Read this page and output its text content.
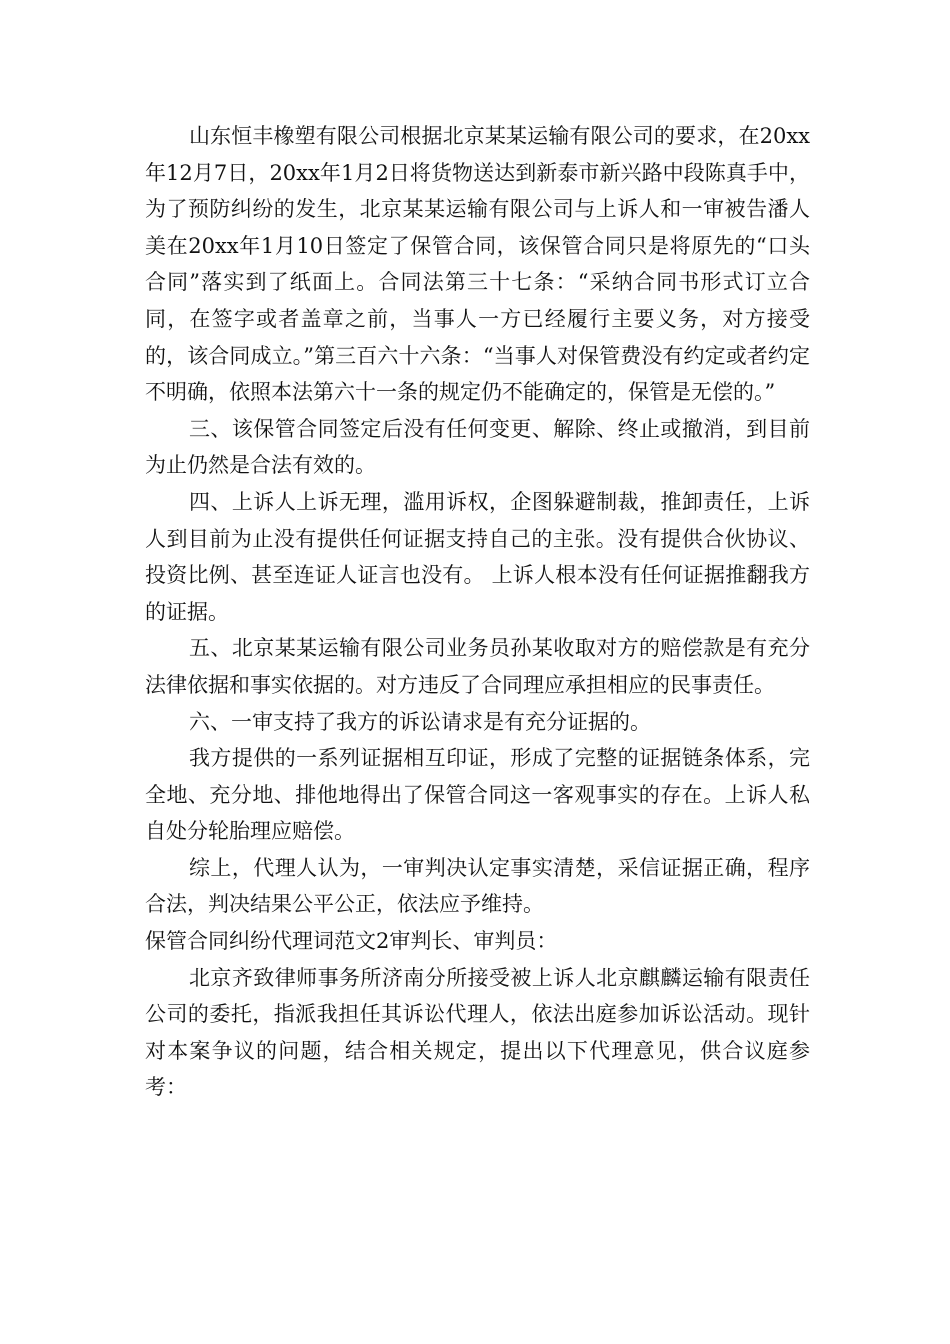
山东恒丰橡塑有限公司根据北京某某运输有限公司的要求，在20xx年12月7日，20xx年1月2日将货物送达到新泰市新兴路中段陈真手中，为了预防纠纷的发生，北京某某运输有限公司与上诉人和一审被告潘人美在20xx年1月10日签定了保管合同，该保管合同只是将原先的“口头合同”落实到了纸面上。合同法第三十七条：“采纳合同书形式订立合同，在签字或者盖章之前，当事人一方已经履行主要义务，对方接受的，该合同成立。”第三百六十六条：“当事人对保管费没有约定或者约定不明确，依照本法第六十一条的规定仍不能确定的，保管是无偿的。”

三、该保管合同签定后没有任何变更、解除、终止或撤消，到目前为止仍然是合法有效的。

四、上诉人上诉无理，滥用诉权，企图躲避制裁，推卸责任，上诉人到目前为止没有提供任何证据支持自己的主张。没有提供合伙协议、投资比例、甚至连证人证言也没有。 上诉人根本没有任何证据推翻我方的证据。

五、北京某某运输有限公司业务员孙某收取对方的赔偿款是有充分法律依据和事实依据的。对方违反了合同理应承担相应的民事责任。

六、一审支持了我方的诉讼请求是有充分证据的。

我方提供的一系列证据相互印证，形成了完整的证据链条体系，完全地、充分地、排他地得出了保管合同这一客观事实的存在。上诉人私自处分轮胎理应赔偿。

综上，代理人认为，一审判决认定事实清楚，采信证据正确，程序合法，判决结果公平公正，依法应予维持。

保管合同纠纷代理词范文2审判长、审判员：

北京齐致律师事务所济南分所接受被上诉人北京麒麟运输有限责任公司的委托，指派我担任其诉讼代理人，依法出庭参加诉讼活动。现针对本案争议的问题，结合相关规定，提出以下代理意见，供合议庭参考：
